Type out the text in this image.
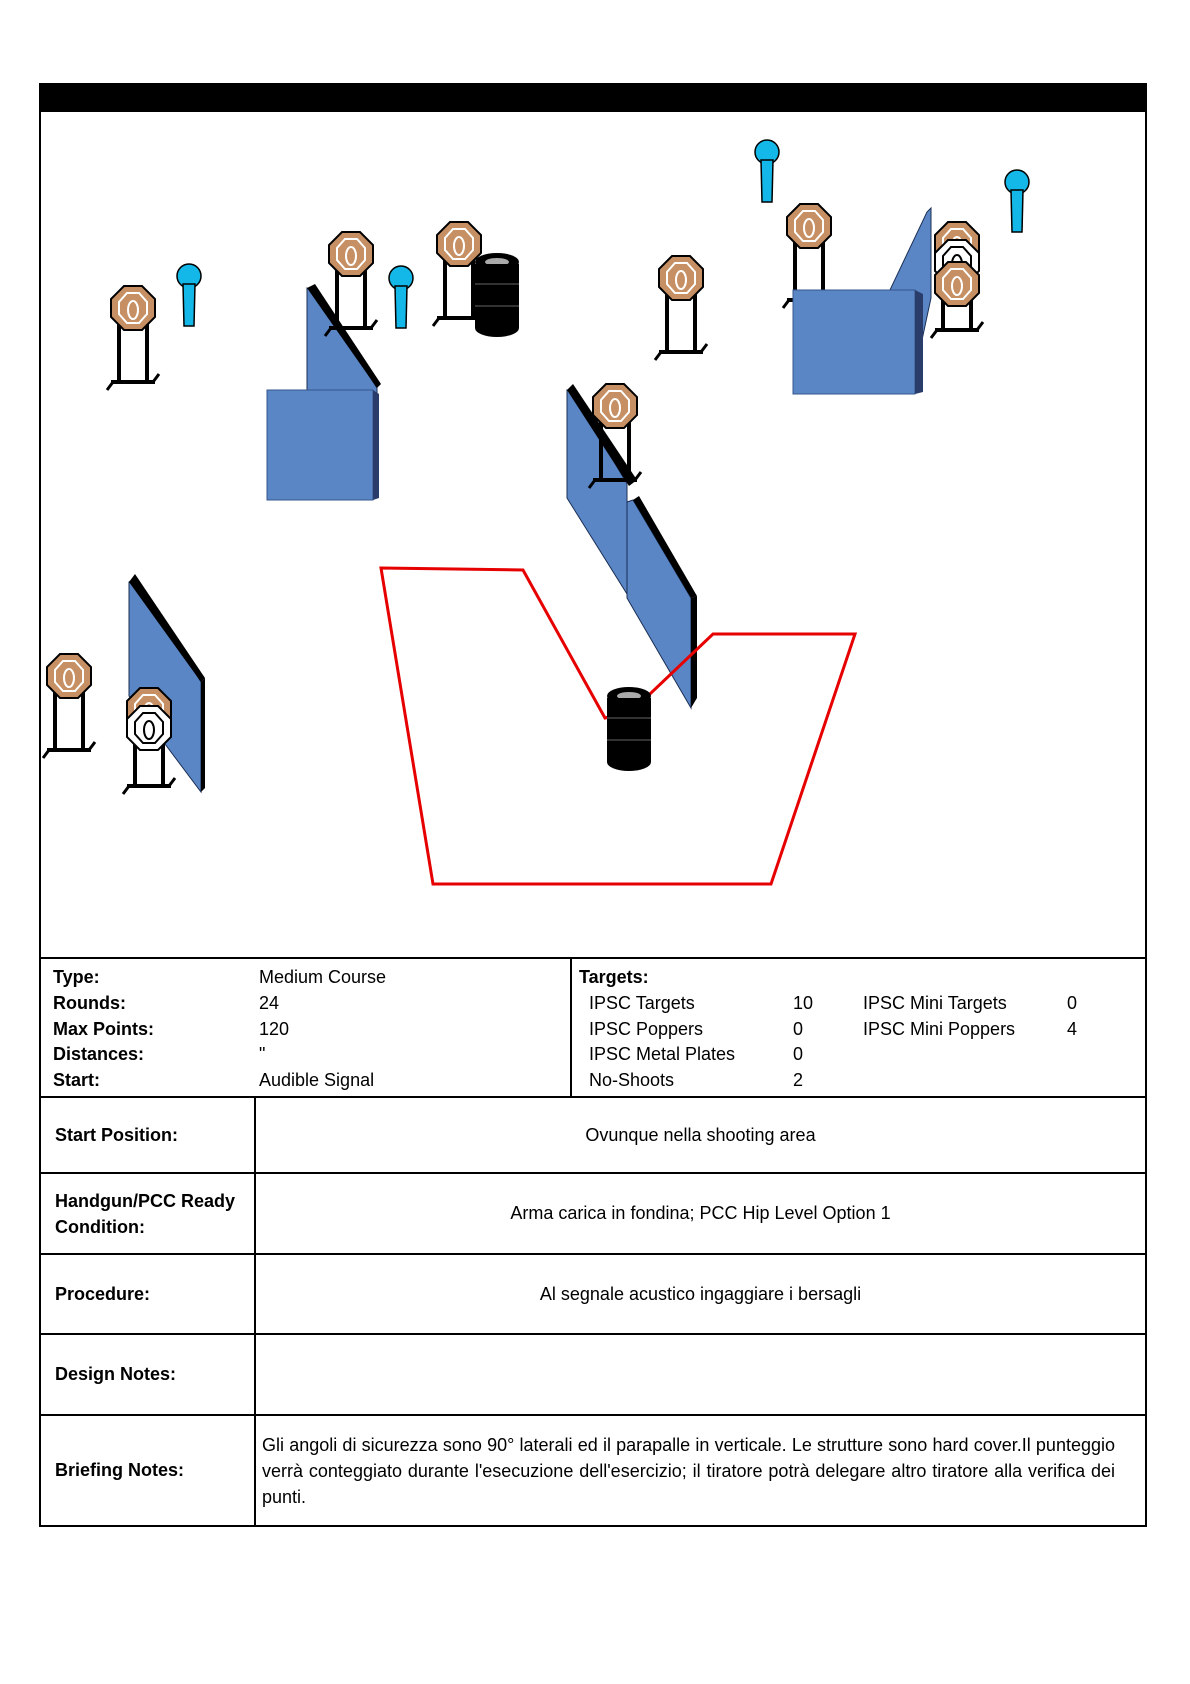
Type:	Medium Course
Rounds:	24
Max Points:	120
Distances:	"
Start:	Audible Signal
Targets:
IPSC Targets	10
IPSC Poppers	0
IPSC Metal Plates	0
No-Shoots	2
IPSC Mini Targets	0
IPSC Mini Poppers	4
Start Position:	Ovunque nella shooting area
Handgun/PCC Ready
Condition:
Arma carica in fondina; PCC Hip Level Option 1
Procedure:	Al segnale acustico ingaggiare i bersagli
Design Notes:
Briefing Notes:
Gli angoli di sicurezza sono 90° laterali ed il parapalle in verticale. Le strutture sono hard cover.Il punteggio verrà conteggiato durante l'esecuzione dell'esercizio; il tiratore potrà delegare altro tiratore alla verifica dei punti.
